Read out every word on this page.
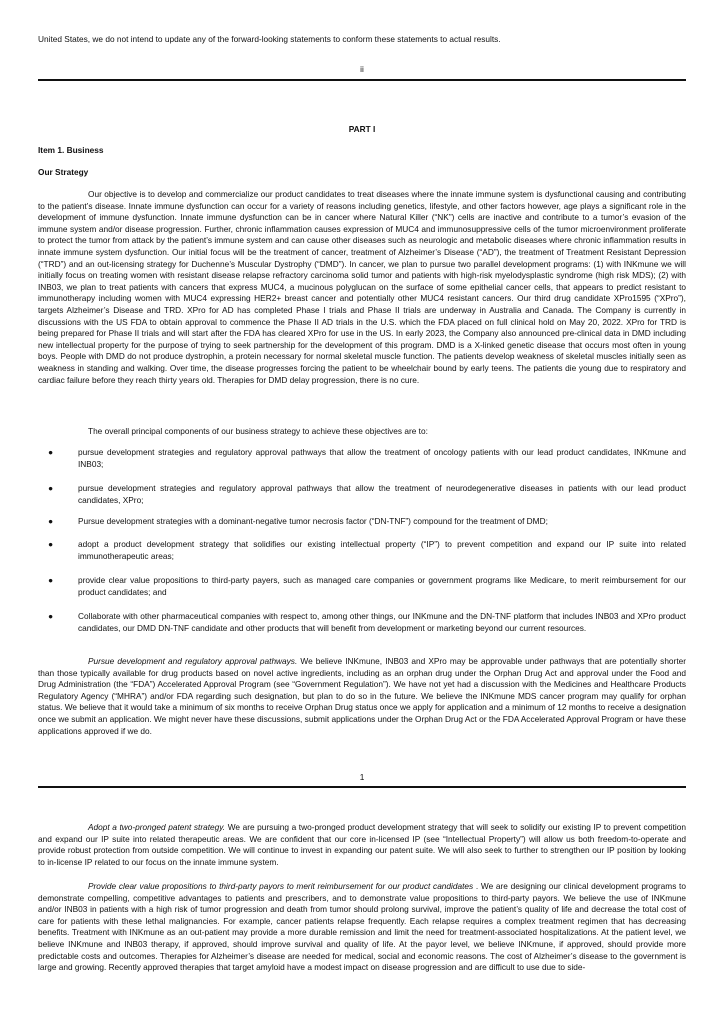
United States, we do not intend to update any of the forward-looking statements to conform these statements to actual results.
ii
PART I
Item 1. Business
Our Strategy
Our objective is to develop and commercialize our product candidates to treat diseases where the innate immune system is dysfunctional causing and contributing to the patient’s disease. Innate immune dysfunction can occur for a variety of reasons including genetics, lifestyle, and other factors however, age plays a significant role in the development of immune dysfunction. Innate immune dysfunction can be in cancer where Natural Killer (“NK”) cells are inactive and contribute to a tumor’s evasion of the immune system and/or disease progression. Further, chronic inflammation causes expression of MUC4 and immunosuppressive cells of the tumor microenvironment proliferate to protect the tumor from attack by the patient’s immune system and can cause other diseases such as neurologic and metabolic diseases where chronic inflammation results in innate immune system dysfunction. Our initial focus will be the treatment of cancer, treatment of Alzheimer’s Disease (“AD”), the treatment of Treatment Resistant Depression (“TRD”) and an out-licensing strategy for Duchenne’s Muscular Dystrophy (“DMD”). In cancer, we plan to pursue two parallel development programs: (1) with INKmune we will initially focus on treating women with resistant disease relapse refractory carcinoma solid tumor and patients with high-risk myelodysplastic syndrome (high risk MDS); (2) with INB03, we plan to treat patients with cancers that express MUC4, a mucinous polyglucan on the surface of some epithelial cancer cells, that appears to predict resistant to immunotherapy including women with MUC4 expressing HER2+ breast cancer and potentially other MUC4 resistant cancers. Our third drug candidate XPro1595 (“XPro”), targets Alzheimer’s Disease and TRD. XPro for AD has completed Phase I trials and Phase II trials are underway in Australia and Canada. The Company is currently in discussions with the US FDA to obtain approval to commence the Phase II AD trials in the U.S. which the FDA placed on full clinical hold on May 20, 2022. XPro for TRD is being prepared for Phase II trials and will start after the FDA has cleared XPro for use in the US. In early 2023, the Company also announced pre-clinical data in DMD including new intellectual property for the purpose of trying to seek partnership for the development of this program. DMD is a X-linked genetic disease that occurs most often in young boys. People with DMD do not produce dystrophin, a protein necessary for normal skeletal muscle function. The patients develop weakness of skeletal muscles initially seen as weakness in standing and walking. Over time, the disease progresses forcing the patient to be wheelchair bound by early teens. The patients die young due to respiratory and cardiac failure before they reach thirty years old. Therapies for DMD delay progression, there is no cure.
The overall principal components of our business strategy to achieve these objectives are to:
●	pursue development strategies and regulatory approval pathways that allow the treatment of oncology patients with our lead product candidates, INKmune and INB03;
●	pursue development strategies and regulatory approval pathways that allow the treatment of neurodegenerative diseases in patients with our lead product candidates, XPro;
●	Pursue development strategies with a dominant-negative tumor necrosis factor (“DN-TNF”) compound for the treatment of DMD;
●	adopt a product development strategy that solidifies our existing intellectual property (“IP”) to prevent competition and expand our IP suite into related immunotherapeutic areas;
●	provide clear value propositions to third-party payers, such as managed care companies or government programs like Medicare, to merit reimbursement for our product candidates; and
●	Collaborate with other pharmaceutical companies with respect to, among other things, our INKmune and the DN-TNF platform that includes INB03 and XPro product candidates, our DMD DN-TNF candidate and other products that will benefit from development or marketing beyond our current resources.
Pursue development and regulatory approval pathways. We believe INKmune, INB03 and XPro may be approvable under pathways that are potentially shorter than those typically available for drug products based on novel active ingredients, including as an orphan drug under the Orphan Drug Act and approval under the Food and Drug Administration (the “FDA”) Accelerated Approval Program (see “Government Regulation”). We have not yet had a discussion with the Medicines and Healthcare Products Regulatory Agency (“MHRA”) and/or FDA regarding such designation, but plan to do so in the future. We believe the INKmune MDS cancer program may qualify for orphan status. We believe that it would take a minimum of six months to receive Orphan Drug status once we apply for application and a minimum of 12 months to receive a designation once we submit an application. We might never have these discussions, submit applications under the Orphan Drug Act or the FDA Accelerated Approval Program or have these applications approved if we do.
1
Adopt a two-pronged patent strategy. We are pursuing a two-pronged product development strategy that will seek to solidify our existing IP to prevent competition and expand our IP suite into related therapeutic areas. We are confident that our core in-licensed IP (see “Intellectual Property”) will allow us both freedom-to-operate and provide robust protection from outside competition. We will continue to invest in expanding our patent suite. We will also seek to further to strengthen our IP position by looking to in-license IP related to our focus on the innate immune system.
Provide clear value propositions to third-party payors to merit reimbursement for our product candidates . We are designing our clinical development programs to demonstrate compelling, competitive advantages to patients and prescribers, and to demonstrate value propositions to third-party payors. We believe the use of INKmune and/or INB03 in patients with a high risk of tumor progression and death from tumor should prolong survival, improve the patient’s quality of life and decrease the total cost of care for patients with these lethal malignancies. For example, cancer patients relapse frequently. Each relapse requires a complex treatment regimen that has decreasing benefits. Treatment with INKmune as an out-patient may provide a more durable remission and limit the need for treatment-associated hospitalizations. At the patient level, we believe INKmune and INB03 therapy, if approved, should improve survival and quality of life. At the payor level, we believe INKmune, if approved, should provide more predictable costs and outcomes. Therapies for Alzheimer’s disease are needed for medical, social and economic reasons. The cost of Alzheimer’s disease to the government is large and growing. Recently approved therapies that target amyloid have a modest impact on disease progression and are difficult to use due to side-
